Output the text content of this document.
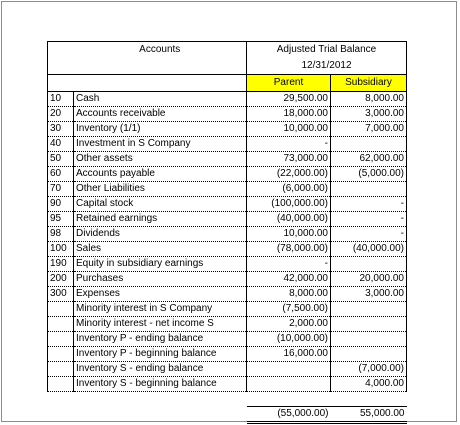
	Accounts	Adjusted Trial Balance	
		12/31/2012	
		Parent	Subsidiary
10	Cash	29,500.00	8,000.00
20	Accounts receivable	18,000.00	3,000.00
30	Inventory (1/1)	10,000.00	7,000.00
40	Investment in S Company	-	
50	Other assets	73,000.00	62,000.00
60	Accounts payable	(22,000.00)	(5,000.00)
70	Other Liabilities	(6,000.00)	
90	Capital stock	(100,000.00)	-
95	Retained earnings	(40,000.00)	-
98	Dividends	10,000.00	-
100	Sales	(78,000.00)	(40,000.00)
190	Equity in subsidiary earnings	-	
200	Purchases	42,000.00	20,000.00
300	Expenses	8,000.00	3,000.00
	Minority interest in S Company	(7,500.00)	
	Minority interest - net income S	2,000.00	
	Inventory P - ending balance	(10,000.00)	
	Inventory P - beginning balance	16,000.00	
	Inventory S - ending balance		(7,000.00)
	Inventory S - beginning balance		4,000.00

		(55,000.00)	55,000.00
